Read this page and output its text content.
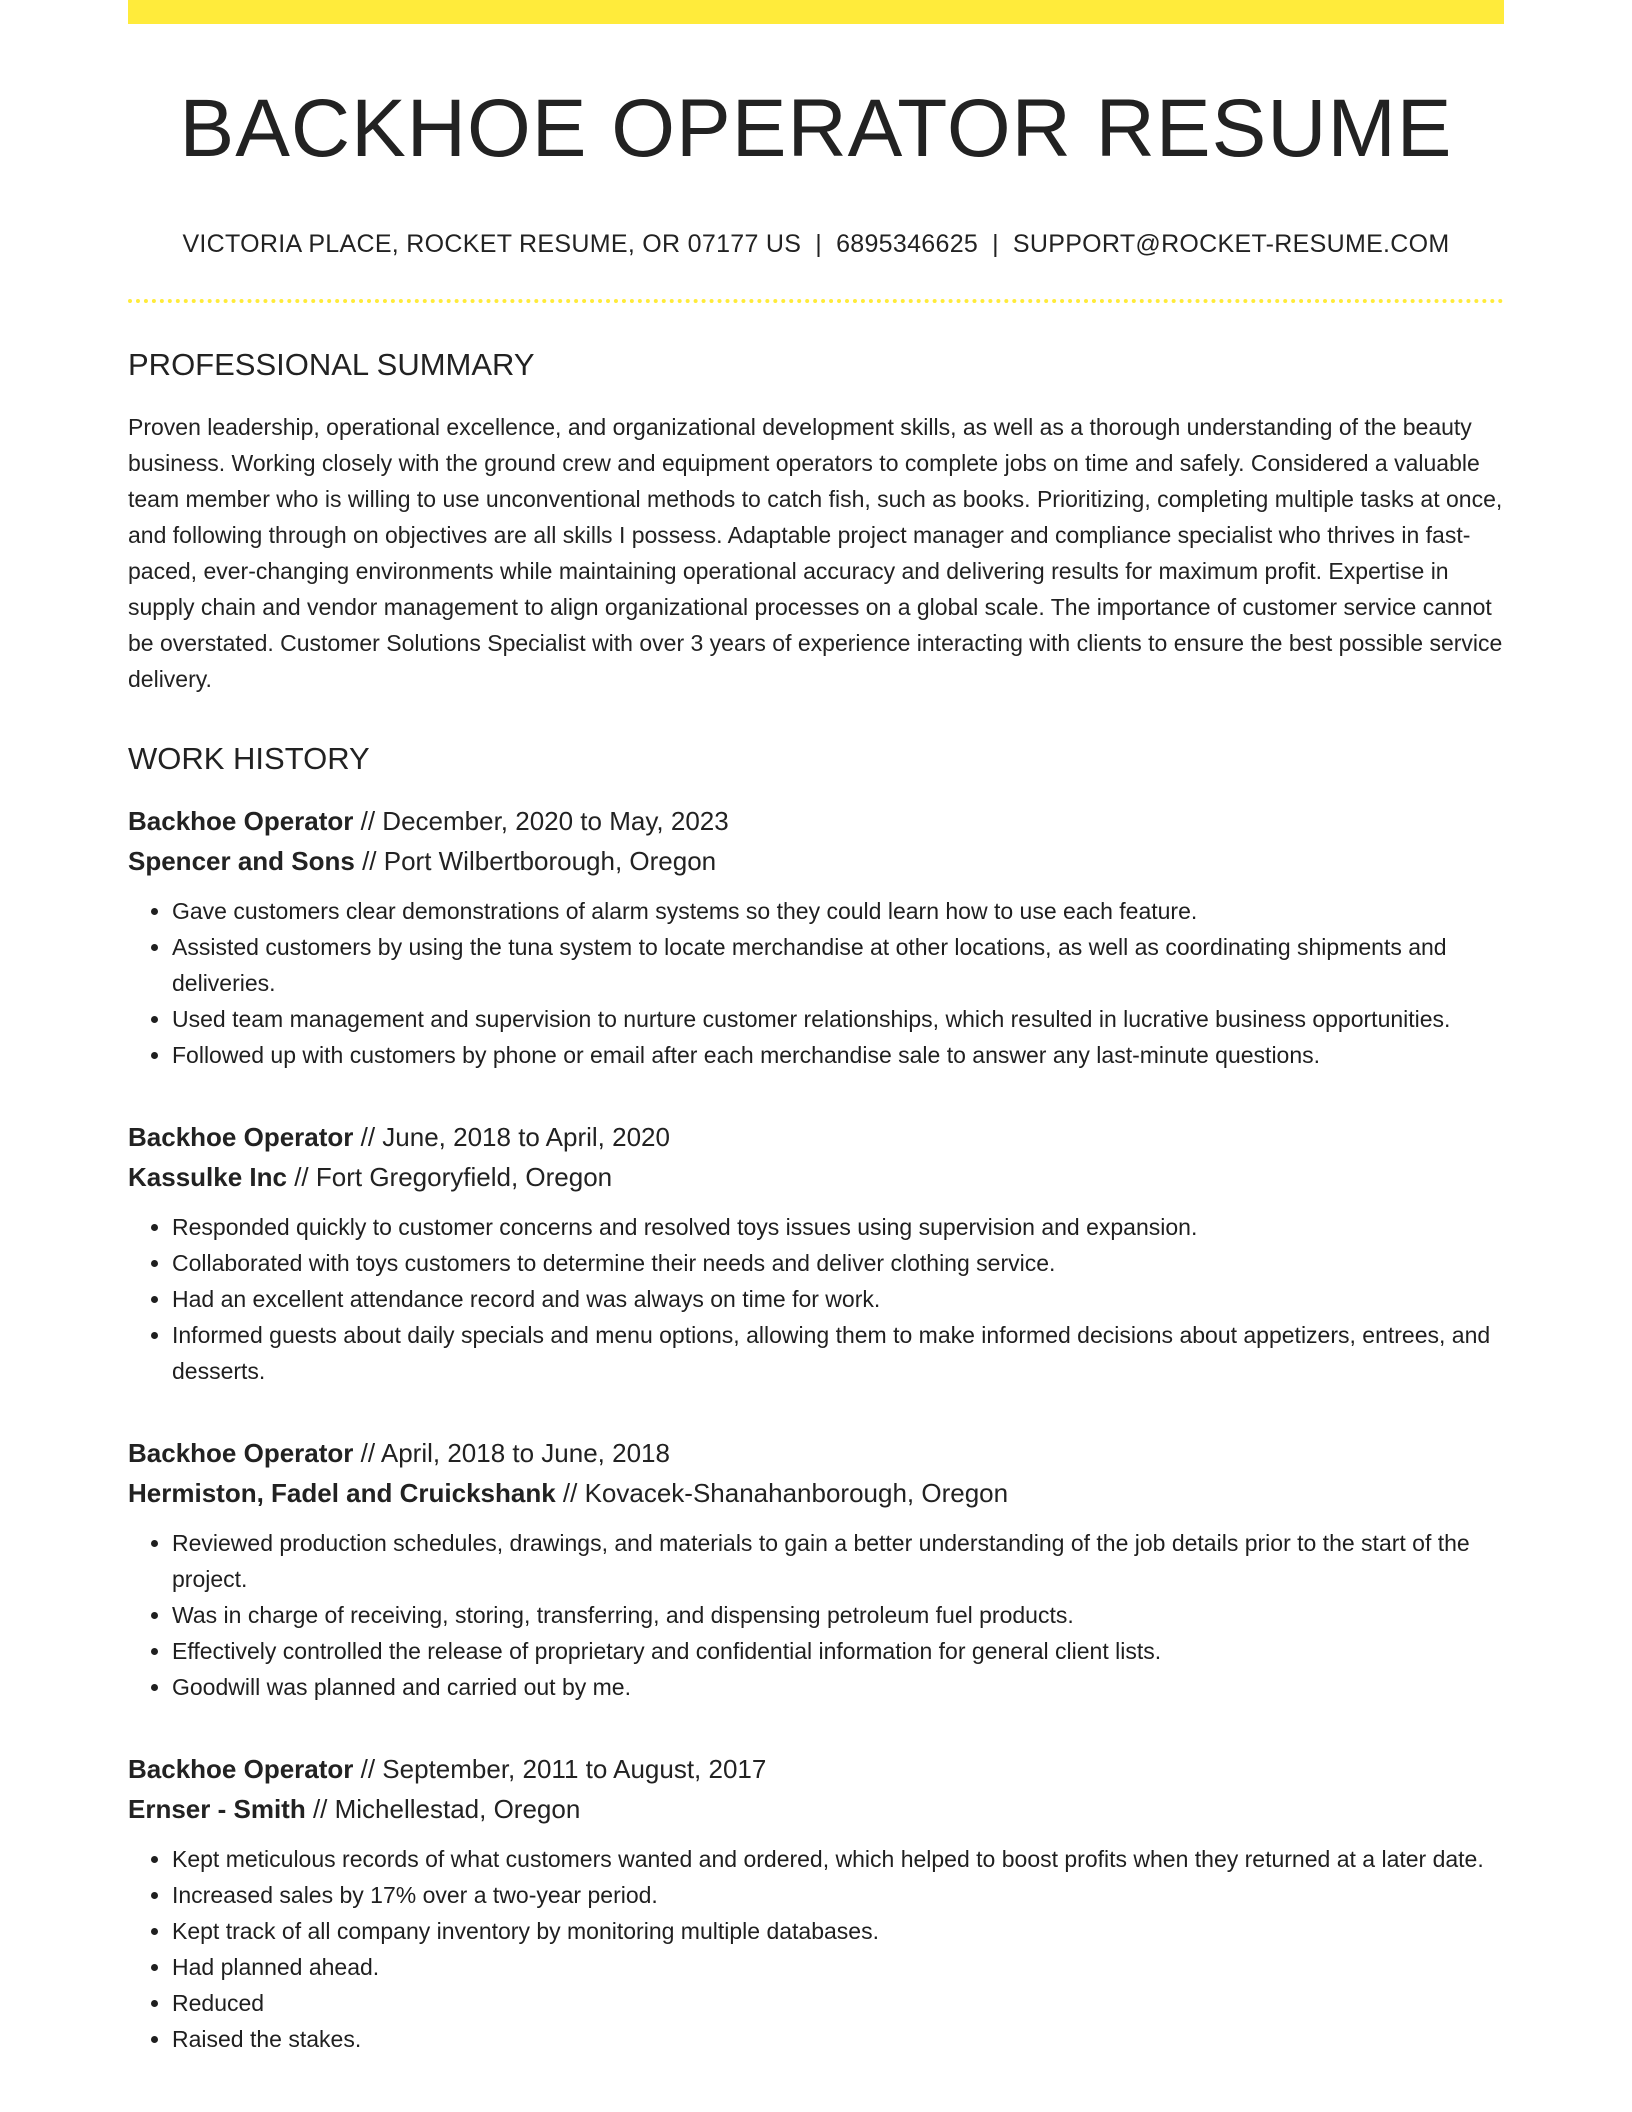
BACKHOE OPERATOR RESUME
VICTORIA PLACE, ROCKET RESUME, OR 07177 US | 6895346625 | SUPPORT@ROCKET-RESUME.COM
PROFESSIONAL SUMMARY

Proven leadership, operational excellence, and organizational development skills, as well as a thorough understanding of the beauty business. Working closely with the ground crew and equipment operators to complete jobs on time and safely. Considered a valuable team member who is willing to use unconventional methods to catch fish, such as books. Prioritizing, completing multiple tasks at once, and following through on objectives are all skills I possess. Adaptable project manager and compliance specialist who thrives in fast-paced, ever-changing environments while maintaining operational accuracy and delivering results for maximum profit. Expertise in supply chain and vendor management to align organizational processes on a global scale. The importance of customer service cannot be overstated. Customer Solutions Specialist with over 3 years of experience interacting with clients to ensure the best possible service delivery.

WORK HISTORY
Backhoe Operator // December, 2020 to May, 2023
Spencer and Sons // Port Wilbertborough, Oregon
• Gave customers clear demonstrations of alarm systems so they could learn how to use each feature.
• Assisted customers by using the tuna system to locate merchandise at other locations, as well as coordinating shipments and deliveries.
• Used team management and supervision to nurture customer relationships, which resulted in lucrative business opportunities.
• Followed up with customers by phone or email after each merchandise sale to answer any last-minute questions.
Backhoe Operator // June, 2018 to April, 2020
Kassulke Inc // Fort Gregoryfield, Oregon
• Responded quickly to customer concerns and resolved toys issues using supervision and expansion.
• Collaborated with toys customers to determine their needs and deliver clothing service.
• Had an excellent attendance record and was always on time for work.
• Informed guests about daily specials and menu options, allowing them to make informed decisions about appetizers, entrees, and desserts.
Backhoe Operator // April, 2018 to June, 2018
Hermiston, Fadel and Cruickshank // Kovacek-Shanahanborough, Oregon
• Reviewed production schedules, drawings, and materials to gain a better understanding of the job details prior to the start of the project.
• Was in charge of receiving, storing, transferring, and dispensing petroleum fuel products.
• Effectively controlled the release of proprietary and confidential information for general client lists.
• Goodwill was planned and carried out by me.
Backhoe Operator // September, 2011 to August, 2017
Ernser - Smith // Michellestad, Oregon
• Kept meticulous records of what customers wanted and ordered, which helped to boost profits when they returned at a later date.
• Increased sales by 17% over a two-year period.
• Kept track of all company inventory by monitoring multiple databases.
• Had planned ahead.
• Reduced
• Raised the stakes.
